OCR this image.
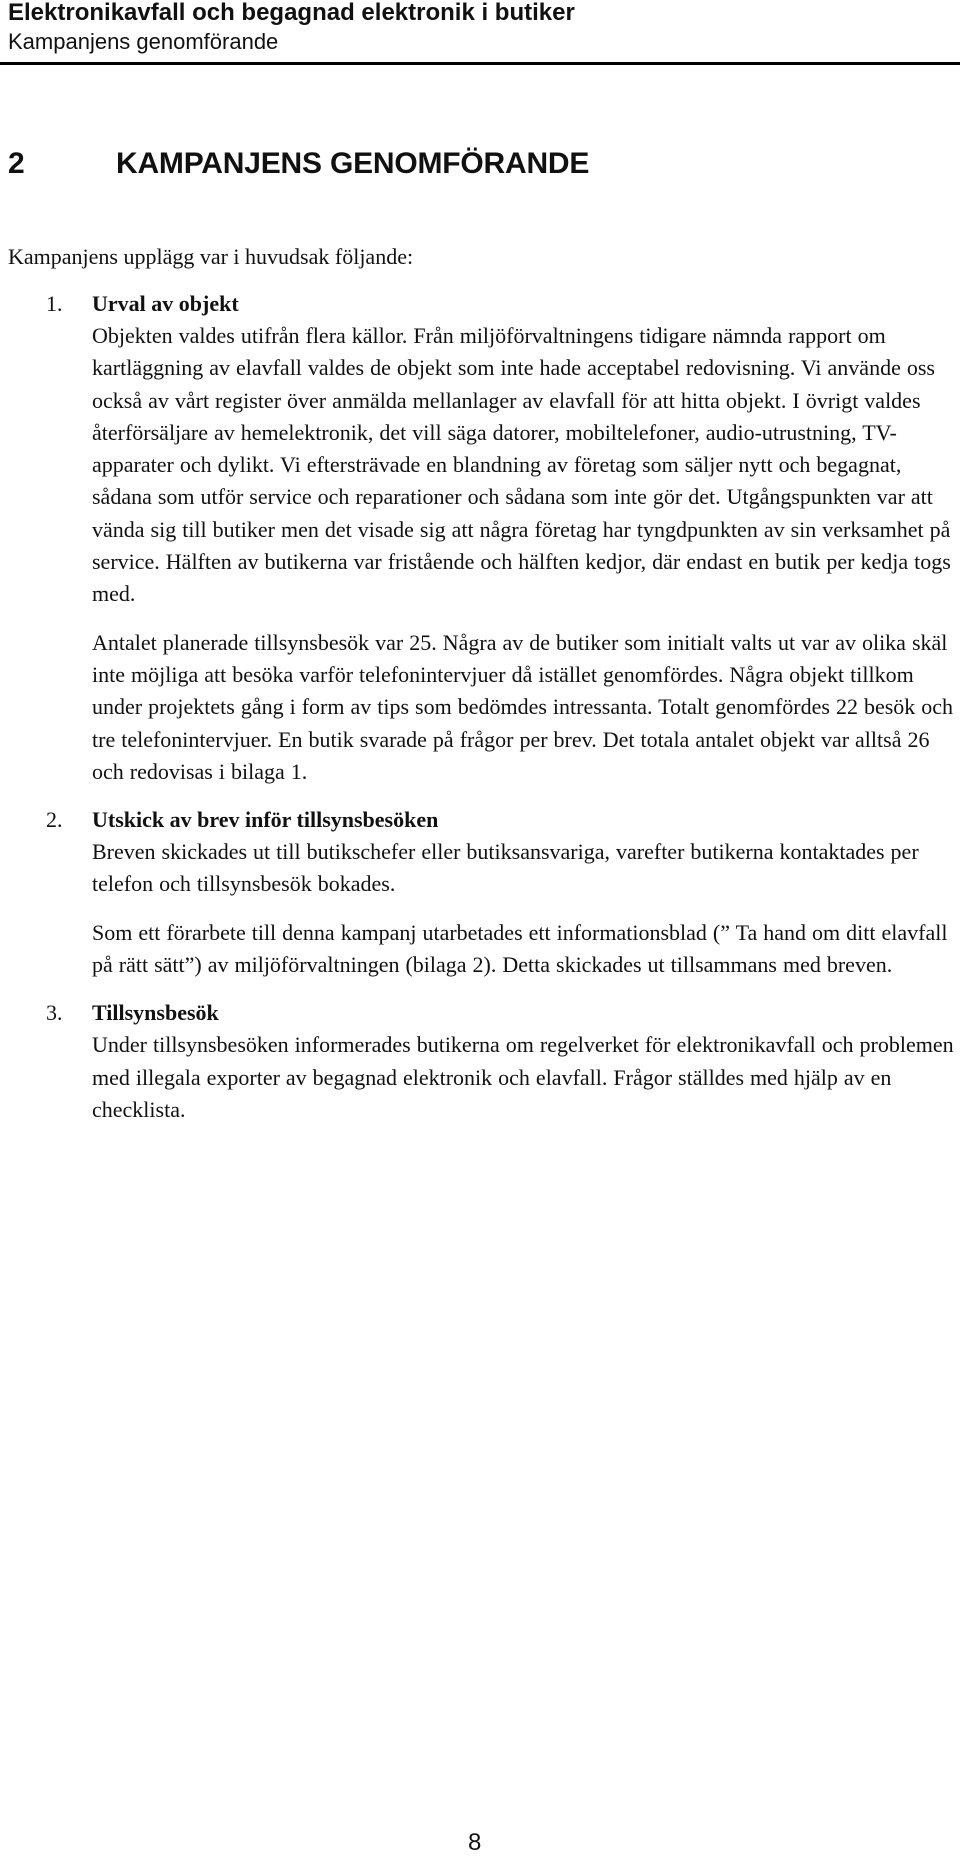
Elektronikavfall och begagnad elektronik i butiker

Kampanjens genomförande

2	KAMPANJENS GENOMFÖRANDE

Kampanjens upplägg var i huvudsak följande:

1. Urval av objekt

Objekten valdes utifrån flera källor. Från miljöförvaltningens tidigare nämnda rapport om kartläggning av elavfall valdes de objekt som inte hade acceptabel redovisning. Vi använde oss också av vårt register över anmälda mellanlager av elavfall för att hitta objekt. I övrigt valdes återförsäljare av hemelektronik, det vill säga datorer, mobiltelefoner, audio-utrustning, TV-apparater och dylikt. Vi eftersträvade en blandning av företag som säljer nytt och begagnat, sådana som utför service och reparationer och sådana som inte gör det. Utgångspunkten var att vända sig till butiker men det visade sig att några företag har tyngdpunkten av sin verksamhet på service. Hälften av butikerna var fristående och hälften kedjor, där endast en butik per kedja togs med.

Antalet planerade tillsynsbesök var 25. Några av de butiker som initialt valts ut var av olika skäl inte möjliga att besöka varför telefonintervjuer då istället genomfördes. Några objekt tillkom under projektets gång i form av tips som bedömdes intressanta. Totalt genomfördes 22 besök och tre telefonintervjuer. En butik svarade på frågor per brev. Det totala antalet objekt var alltså 26 och redovisas i bilaga 1.

2. Utskick av brev inför tillsynsbesöken

Breven skickades ut till butikschefer eller butiksansvariga, varefter butikerna kontaktades per telefon och tillsynsbesök bokades.

Som ett förarbete till denna kampanj utarbetades ett informationsblad (” Ta hand om ditt elavfall på rätt sätt”) av miljöförvaltningen (bilaga 2). Detta skickades ut tillsammans med breven.

3. Tillsynsbesök

Under tillsynsbesöken informerades butikerna om regelverket för elektronikavfall och problemen med illegala exporter av begagnad elektronik och elavfall. Frågor ställdes med hjälp av en checklista.

8
